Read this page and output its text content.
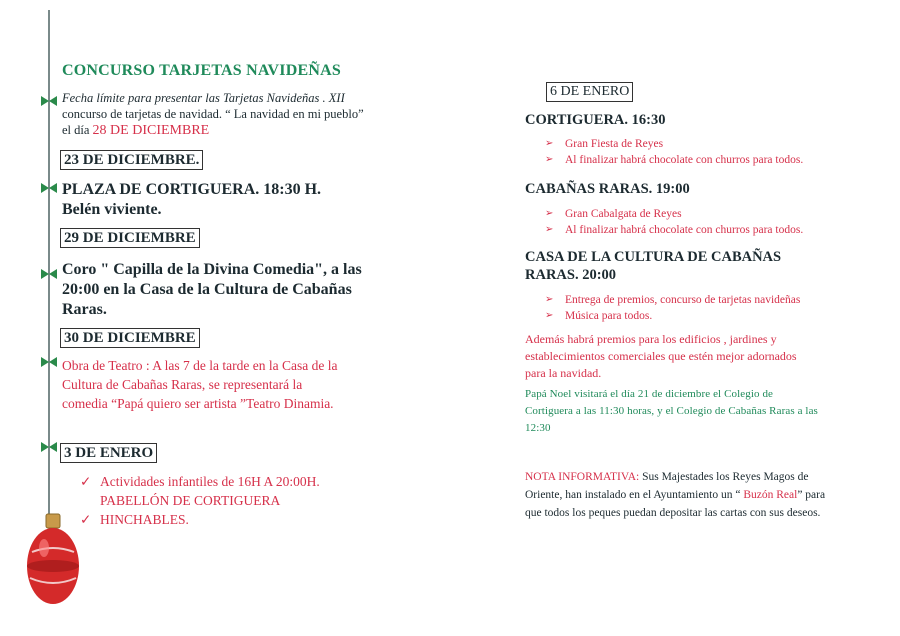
CONCURSO TARJETAS NAVIDEÑAS
Fecha límite para presentar las Tarjetas Navideñas . XII
concurso de tarjetas de navidad. “ La navidad en mi pueblo”
el día 28 DE DICIEMBRE
23 DE DICIEMBRE.
PLAZA DE CORTIGUERA. 18:30 H.
Belén viviente.
29 DE DICIEMBRE
Coro " Capilla de la Divina Comedia", a las
20:00 en la Casa de la Cultura de Cabañas
Raras.
30 DE DICIEMBRE
Obra de Teatro : A las 7 de la tarde en la Casa de la
Cultura de Cabañas Raras, se representará la
comedia “Papá quiero ser artista ”Teatro Dinamia.
3 DE ENERO
✓ Actividades infantiles de 16H A 20:00H.
PABELLÓN DE CORTIGUERA
✓ HINCHABLES.
6 DE ENERO
CORTIGUERA. 16:30
➢ Gran Fiesta de Reyes
➢ Al finalizar habrá chocolate con churros para todos.
CABAÑAS RARAS. 19:00
➢ Gran Cabalgata de Reyes
➢ Al finalizar habrá chocolate con churros para todos.
CASA DE LA CULTURA DE CABAÑAS
RARAS. 20:00
➢ Entrega de premios, concurso de tarjetas navideñas
➢ Música para todos.
Además habrá premios para los edificios , jardines y
establecimientos comerciales que estén mejor adornados
para la navidad.
Papá Noel visitará el día 21 de diciembre el Colegio de
Cortiguera a las 11:30 horas, y el Colegio de Cabañas Raras a las
12:30
NOTA INFORMATIVA: Sus Majestades los Reyes Magos de
Oriente, han instalado en el Ayuntamiento un “ Buzón Real” para
que todos los peques puedan depositar las cartas con sus deseos.
